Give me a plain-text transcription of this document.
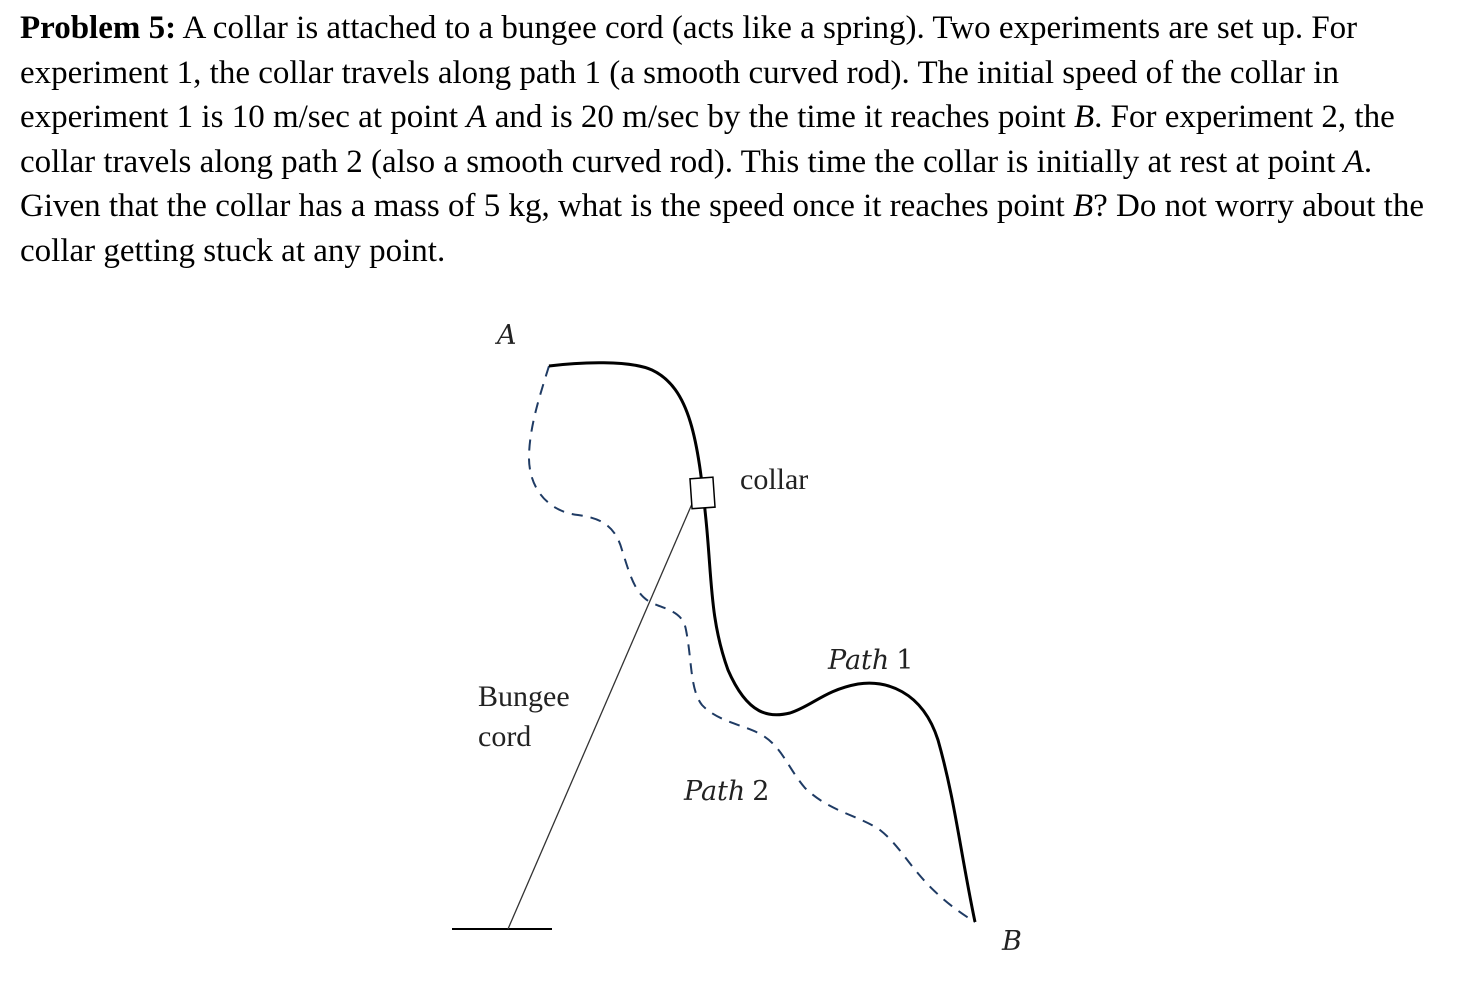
Problem 5: A collar is attached to a bungee cord (acts like a spring). Two experiments are set up. For experiment 1, the collar travels along path 1 (a smooth curved rod). The initial speed of the collar in experiment 1 is 10 m/sec at point A and is 20 m/sec by the time it reaches point B. For experiment 2, the collar travels along path 2 (also a smooth curved rod). This time the collar is initially at rest at point A. Given that the collar has a mass of 5 kg, what is the speed once it reaches point B? Do not worry about the collar getting stuck at any point.
A
B
collar
Bungee
cord
Path 1
Path 2
